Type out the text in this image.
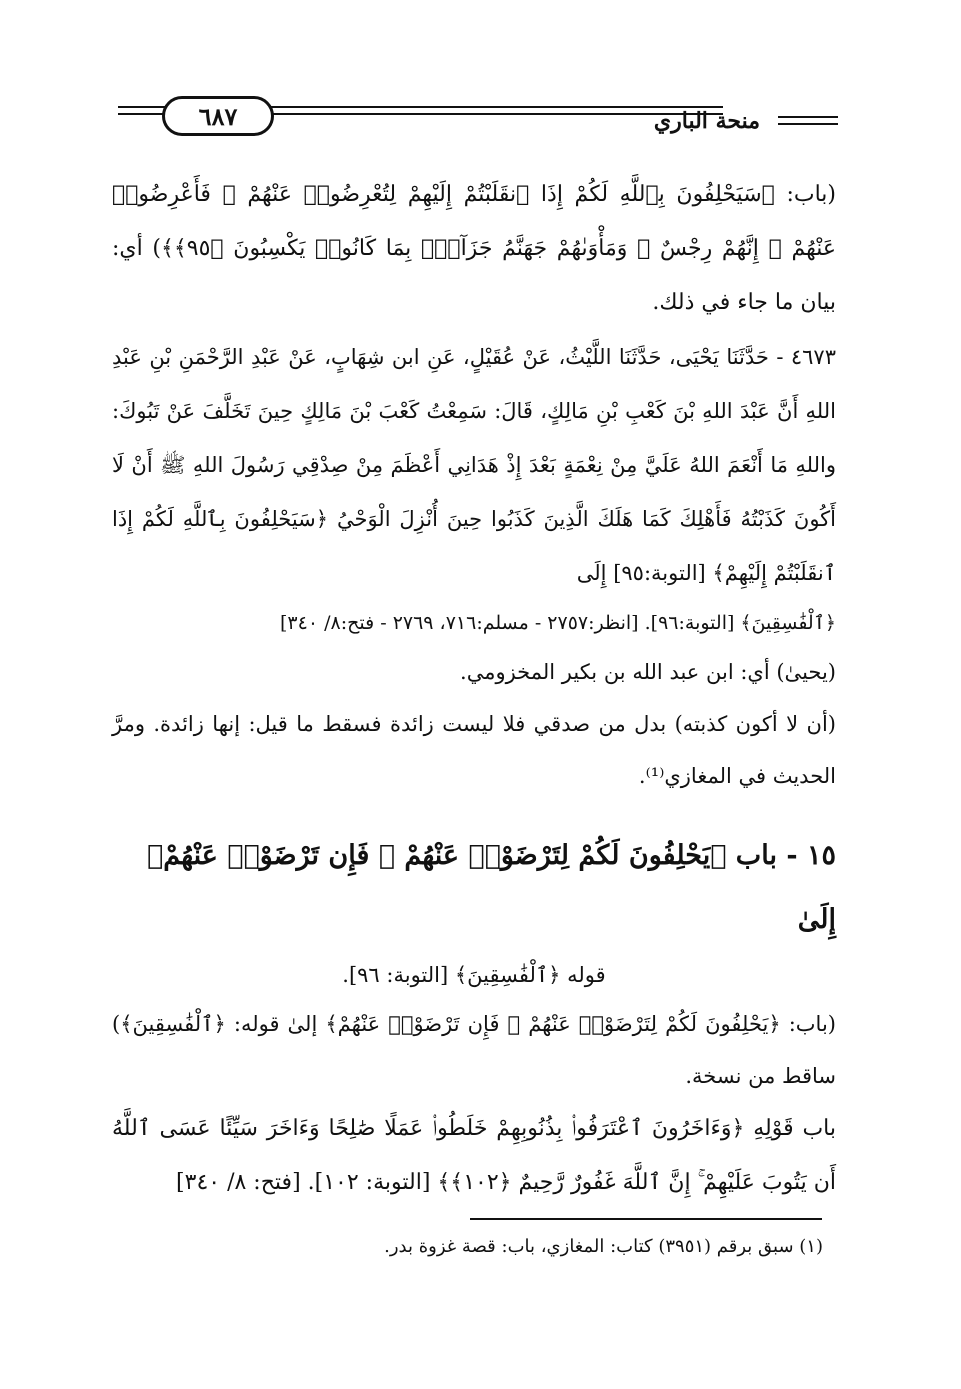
٦٨٧	منحة الباري

(باب: ﴿سَيَحْلِفُونَ بِٱللَّهِ لَكُمْ إِذَا ٱنقَلَبْتُمْ إِلَيْهِمْ لِتُعْرِضُوا۟ عَنْهُمْ ۖ فَأَعْرِضُوا۟ عَنْهُمْ ۖ إِنَّهُمْ رِجْسٌ ۖ وَمَأْوَىٰهُمْ جَهَنَّمُ جَزَآءًۢ بِمَا كَانُوا۟ يَكْسِبُونَ ﴿٩٥﴾﴾) أي: بيان ما جاء في ذلك.

٤٦٧٣ - حَدَّثَنَا يَحْيَى، حَدَّثَنَا اللَّيْثُ، عَنْ عُقَيْلٍ، عَنِ ابن شِهَابٍ، عَنْ عَبْدِ الرَّحْمَنِ بْنِ عَبْدِ اللهِ أَنَّ عَبْدَ اللهِ بْنَ كَعْبِ بْنِ مَالِكٍ، قَالَ: سَمِعْتُ كَعْبَ بْنَ مَالِكٍ حِينَ تَخَلَّفَ عَنْ تَبُوكَ: واللهِ مَا أَنْعَمَ اللهُ عَلَيَّ مِنْ نِعْمَةٍ بَعْدَ إِذْ هَدَانِي أَعْظَمَ مِنْ صِدْقِي رَسُولَ اللهِ ﷺ أَنْ لَا أَكُونَ كَذَبْتُهُ فَأَهْلِكَ كَمَا هَلَكَ الَّذِينَ كَذَبُوا حِينَ أُنْزِلَ الْوَحْيُ ﴿سَيَحْلِفُونَ بِٱللَّهِ لَكُمْ إِذَا ٱنقَلَبْتُمْ إِلَيْهِمْ﴾ [التوبة:٩٥] إِلَى

﴿ٱلْفَٰسِقِينَ﴾ [التوبة:٩٦]. [انظر:٢٧٥٧ - مسلم:٧١٦، ٢٧٦٩ - فتح:٨/ ٣٤٠]

(يحيىٰ) أي: ابن عبد الله بن بكير المخزومي.

(أن لا أكون كذبته) بدل من صدقي فلا ليست زائدة فسقط ما قيل: إنها زائدة. ومرَّ الحديث في المغازي⁽¹⁾.

١٥ - باب ﴿يَحْلِفُونَ لَكُمْ لِتَرْضَوْا۟ عَنْهُمْ ۖ فَإِن تَرْضَوْا۟ عَنْهُمْ﴾ إِلَىٰ

قوله ﴿ٱلْفَٰسِقِينَ﴾ [التوبة: ٩٦].

(باب: ﴿يَحْلِفُونَ لَكُمْ لِتَرْضَوْا۟ عَنْهُمْ ۖ فَإِن تَرْضَوْا۟ عَنْهُمْ﴾ إلىٰ قوله: ﴿ٱلْفَٰسِقِينَ﴾) ساقط من نسخة.

باب قَوْلِهِ ﴿وَءَاخَرُونَ ٱعْتَرَفُوا۟ بِذُنُوبِهِمْ خَلَطُوا۟ عَمَلًا صَٰلِحًا وَءَاخَرَ سَيِّئًا عَسَى ٱللَّهُ أَن يَتُوبَ عَلَيْهِمْ ۚ إِنَّ ٱللَّهَ غَفُورٌ رَّحِيمٌ ﴿١٠٢﴾﴾ [التوبة: ١٠٢]. [فتح: ٨/ ٣٤٠]

(١) سبق برقم (٣٩٥١) كتاب: المغازي، باب: قصة غزوة بدر.
